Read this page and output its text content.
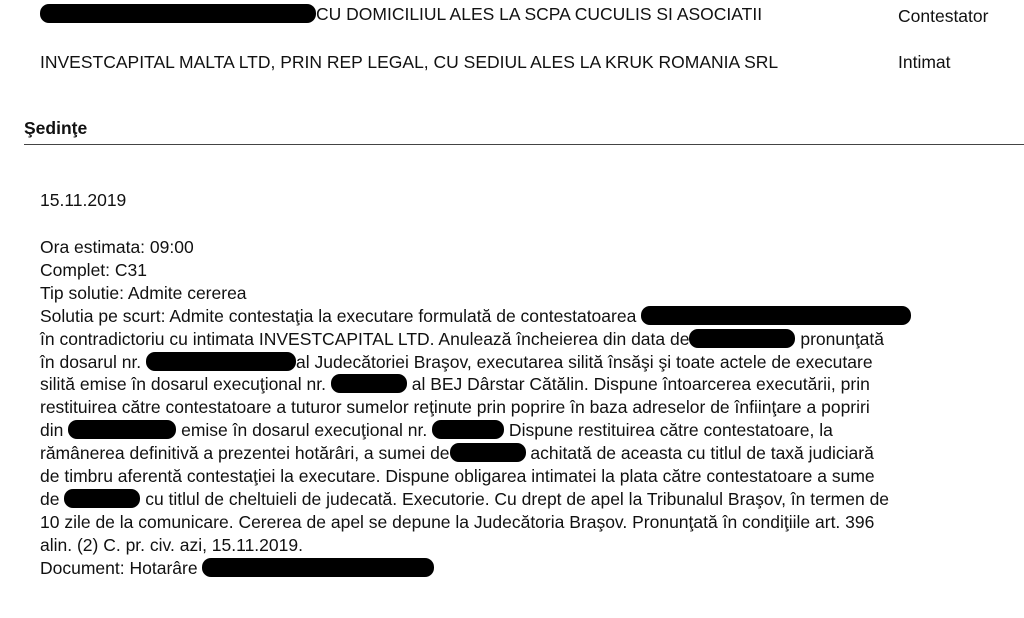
CU DOMICILIUL ALES LA SCPA CUCULIS SI ASOCIATII	Contestator
INVESTCAPITAL MALTA LTD, PRIN REP LEGAL, CU SEDIUL ALES LA KRUK ROMANIA SRL	Intimat
Şedinţe
15.11.2019
Ora estimata: 09:00
Complet: C31
Tip solutie: Admite cererea
Solutia pe scurt: Admite contestaţia la executare formulată de contestatoarea
în contradictoriu cu intimata INVESTCAPITAL LTD. Anulează încheierea din data de	pronunţată
în dosarul nr.	al Judecătoriei Braşov, executarea silită însăşi şi toate actele de executare
silită emise în dosarul execuţional nr.	al BEJ Dârstar Cătălin. Dispune întoarcerea executării, prin
restituirea către contestatoare a tuturor sumelor reţinute prin poprire în baza adreselor de înfiinţare a popriri
din	emise în dosarul execuţional nr.	Dispune restituirea către contestatoare, la
rămânerea definitivă a prezentei hotărâri, a sumei de	achitată de aceasta cu titlul de taxă judiciară
de timbru aferentă contestaţiei la executare. Dispune obligarea intimatei la plata către contestatoare a sume
de	cu titlul de cheltuieli de judecată. Executorie. Cu drept de apel la Tribunalul Braşov, în termen de
10 zile de la comunicare. Cererea de apel se depune la Judecătoria Braşov. Pronunţată în condiţiile art. 396
alin. (2) C. pr. civ. azi, 15.11.2019.
Document: Hotarâre
